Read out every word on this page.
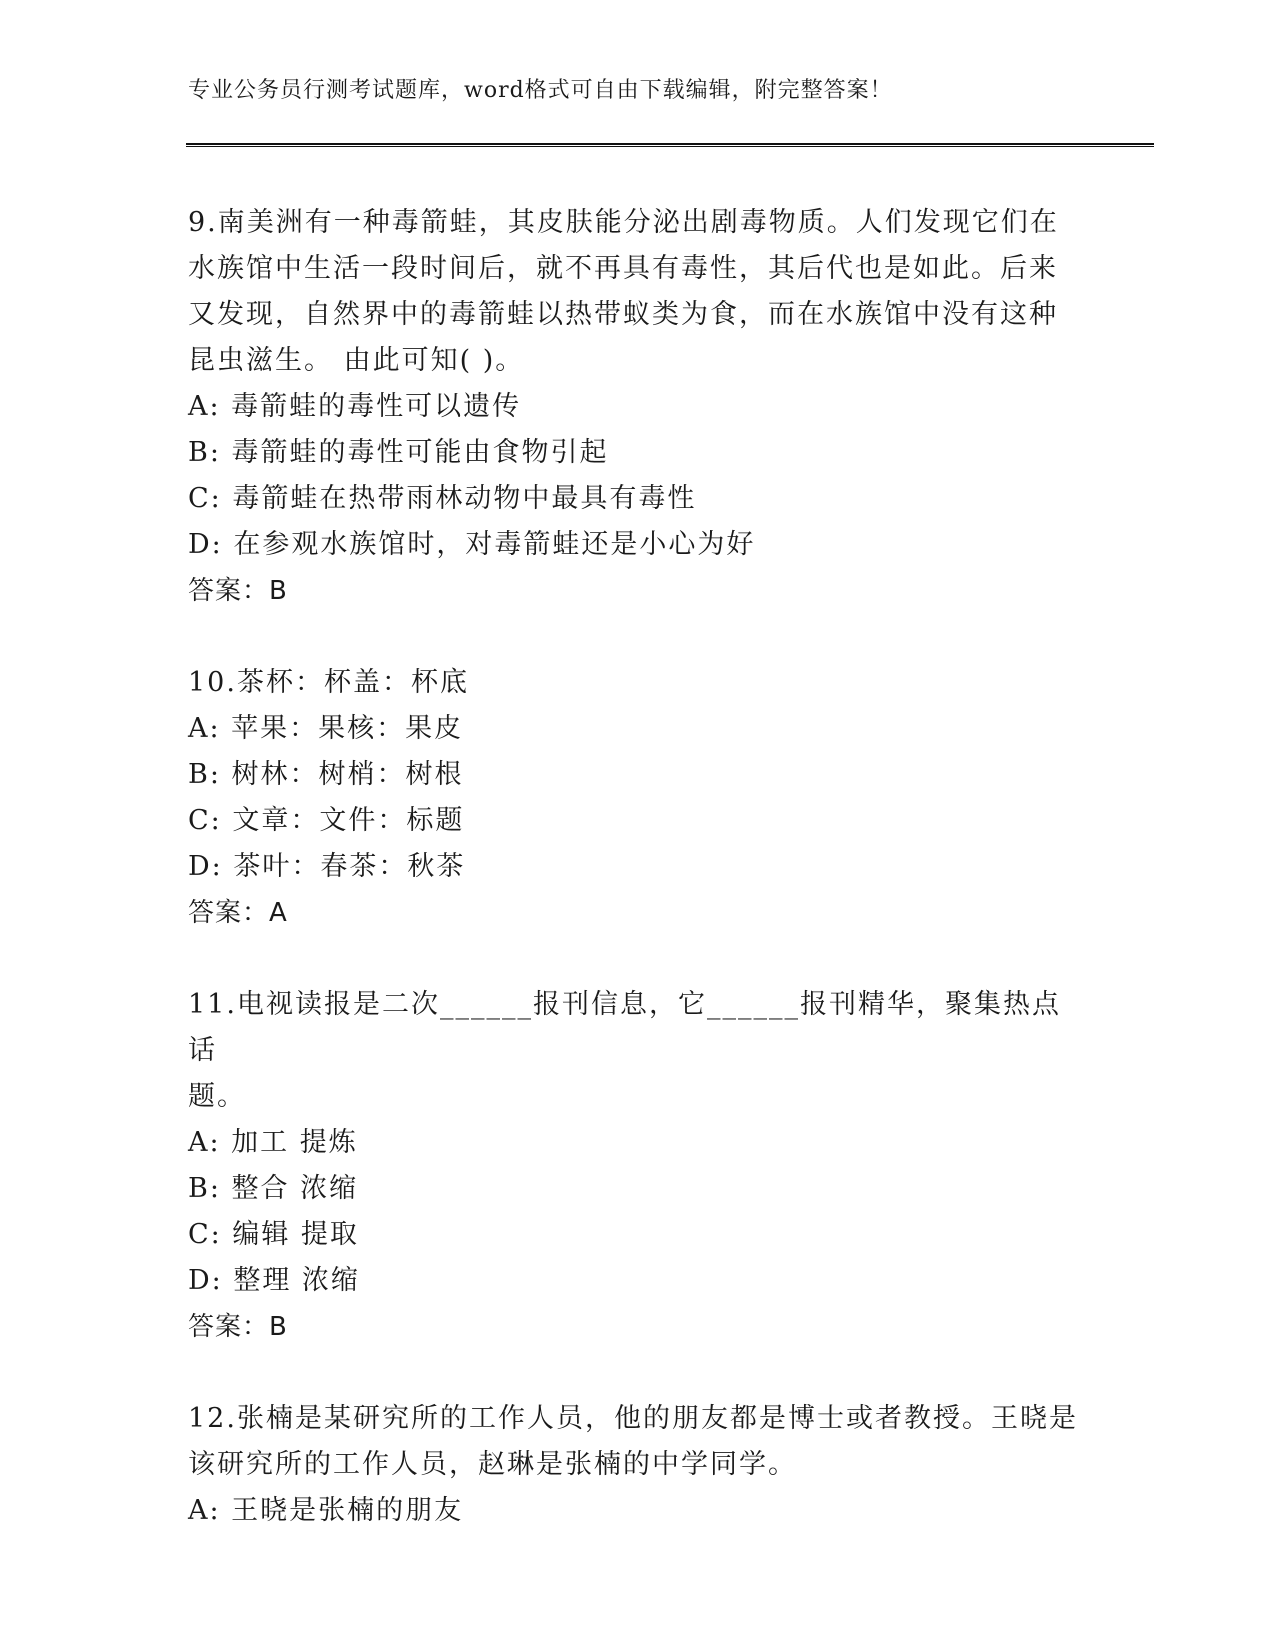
专业公务员行测考试题库，word格式可自由下载编辑，附完整答案！
9.南美洲有一种毒箭蛙，其皮肤能分泌出剧毒物质。人们发现它们在
水族馆中生活一段时间后，就不再具有毒性，其后代也是如此。后来
又发现，自然界中的毒箭蛙以热带蚁类为食，而在水族馆中没有这种
昆虫滋生。 由此可知( )。
A: 毒箭蛙的毒性可以遗传
B: 毒箭蛙的毒性可能由食物引起
C: 毒箭蛙在热带雨林动物中最具有毒性
D: 在参观水族馆时，对毒箭蛙还是小心为好
答案：B
10.茶杯：杯盖：杯底
A: 苹果：果核：果皮
B: 树林：树梢：树根
C: 文章：文件：标题
D: 茶叶：春茶：秋茶
答案：A
11.电视读报是二次______报刊信息，它______报刊精华，聚集热点话
题。
A: 加工 提炼
B: 整合 浓缩
C: 编辑 提取
D: 整理 浓缩
答案：B
12.张楠是某研究所的工作人员，他的朋友都是博士或者教授。王晓是
该研究所的工作人员，赵琳是张楠的中学同学。
A: 王晓是张楠的朋友
